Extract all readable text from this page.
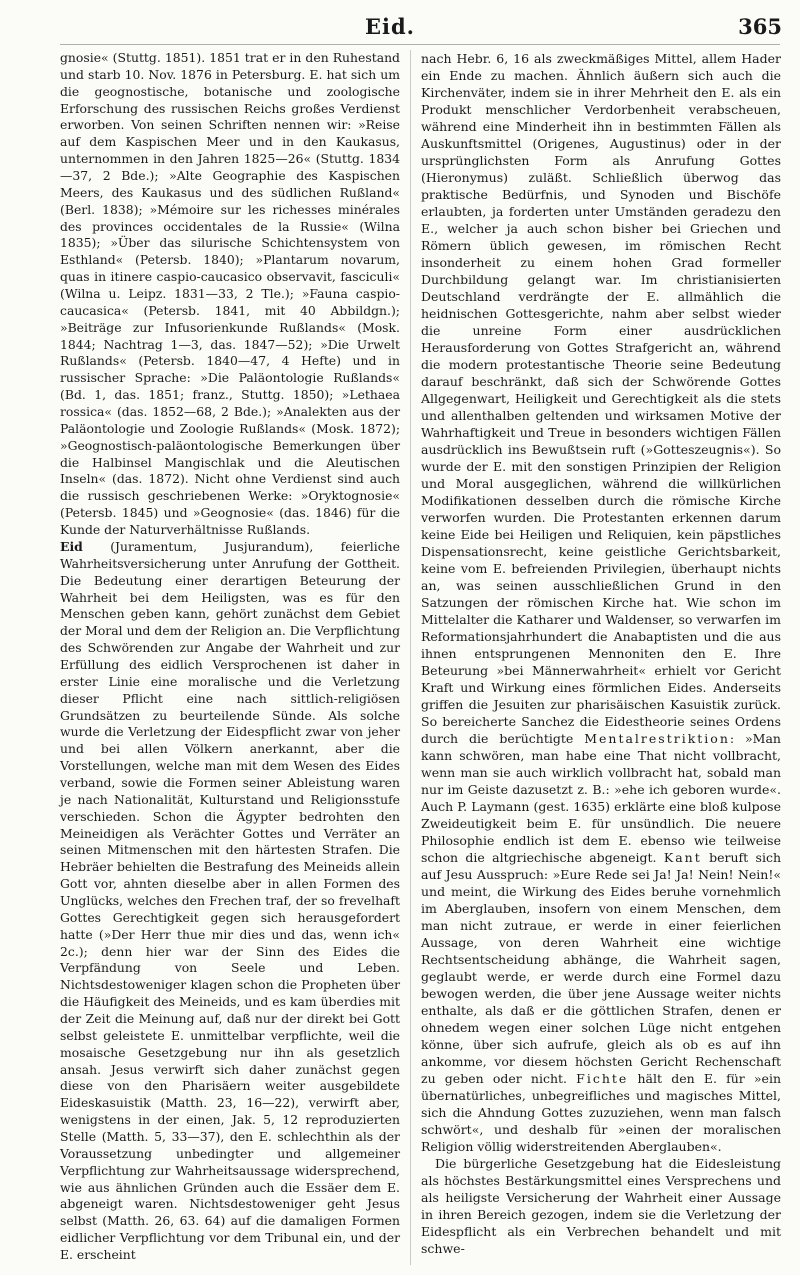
Eid.	365

gnosie« (Stuttg. 1851). 1851 trat er in den Ruhestand und starb 10. Nov. 1876 in Petersburg. E. hat sich um die geognostische, botanische und zoologische Erforschung des russischen Reichs großes Verdienst erworben. Von seinen Schriften nennen wir: »Reise auf dem Kaspischen Meer und in den Kaukasus, unternommen in den Jahren 1825—26« (Stuttg. 1834—37, 2 Bde.); »Alte Geographie des Kaspischen Meers, des Kaukasus und des südlichen Rußland« (Berl. 1838); »Mémoire sur les richesses minérales des provinces occidentales de la Russie« (Wilna 1835); »Über das silurische Schichtensystem von Esthland« (Petersb. 1840); »Plantarum novarum, quas in itinere caspio-caucasico observavit, fasciculi« (Wilna u. Leipz. 1831—33, 2 Tle.); »Fauna caspio-caucasica« (Petersb. 1841, mit 40 Abbildgn.); »Beiträge zur Infusorienkunde Rußlands« (Mosk. 1844; Nachtrag 1—3, das. 1847—52); »Die Urwelt Rußlands« (Petersb. 1840—47, 4 Hefte) und in russischer Sprache: »Die Paläontologie Rußlands« (Bd. 1, das. 1851; franz., Stuttg. 1850); »Lethaea rossica« (das. 1852—68, 2 Bde.); »Analekten aus der Paläontologie und Zoologie Rußlands« (Mosk. 1872); »Geognostisch-paläontologische Bemerkungen über die Halbinsel Mangischlak und die Aleutischen Inseln« (das. 1872). Nicht ohne Verdienst sind auch die russisch geschriebenen Werke: »Oryktognosie« (Petersb. 1845) und »Geognosie« (das. 1846) für die Kunde der Naturverhältnisse Rußlands.

Eid (Juramentum, Jusjurandum), feierliche Wahrheitsversicherung unter Anrufung der Gottheit. Die Bedeutung einer derartigen Beteurung der Wahrheit bei dem Heiligsten, was es für den Menschen geben kann, gehört zunächst dem Gebiet der Moral und dem der Religion an. Die Verpflichtung des Schwörenden zur Angabe der Wahrheit und zur Erfüllung des eidlich Versprochenen ist daher in erster Linie eine moralische und die Verletzung dieser Pflicht eine nach sittlich-religiösen Grundsätzen zu beurteilende Sünde. Als solche wurde die Verletzung der Eidespflicht zwar von jeher und bei allen Völkern anerkannt, aber die Vorstellungen, welche man mit dem Wesen des Eides verband, sowie die Formen seiner Ableistung waren je nach Nationalität, Kulturstand und Religionsstufe verschieden. Schon die Ägypter bedrohten den Meineidigen als Verächter Gottes und Verräter an seinen Mitmenschen mit den härtesten Strafen. Die Hebräer behielten die Bestrafung des Meineids allein Gott vor, ahnten dieselbe aber in allen Formen des Unglücks, welches den Frechen traf, der so frevelhaft Gottes Gerechtigkeit gegen sich herausgefordert hatte (»Der Herr thue mir dies und das, wenn ich« 2c.); denn hier war der Sinn des Eides die Verpfändung von Seele und Leben. Nichtsdestoweniger klagen schon die Propheten über die Häufigkeit des Meineids, und es kam überdies mit der Zeit die Meinung auf, daß nur der direkt bei Gott selbst geleistete E. unmittelbar verpflichte, weil die mosaische Gesetzgebung nur ihn als gesetzlich ansah. Jesus verwirft sich daher zunächst gegen diese von den Pharisäern weiter ausgebildete Eideskasuistik (Matth. 23, 16—22), verwirft aber, wenigstens in der einen, Jak. 5, 12 reproduzierten Stelle (Matth. 5, 33—37), den E. schlechthin als der Voraussetzung unbedingter und allgemeiner Verpflichtung zur Wahrheitsaussage widersprechend, wie aus ähnlichen Gründen auch die Essäer dem E. abgeneigt waren. Nichtsdestoweniger geht Jesus selbst (Matth. 26, 63. 64) auf die damaligen Formen eidlicher Verpflichtung vor dem Tribunal ein, und der E. erscheint

nach Hebr. 6, 16 als zweckmäßiges Mittel, allem Hader ein Ende zu machen. Ähnlich äußern sich auch die Kirchenväter, indem sie in ihrer Mehrheit den E. als ein Produkt menschlicher Verdorbenheit verabscheuen, während eine Minderheit ihn in bestimmten Fällen als Auskunftsmittel (Origenes, Augustinus) oder in der ursprünglichsten Form als Anrufung Gottes (Hieronymus) zuläßt. Schließlich überwog das praktische Bedürfnis, und Synoden und Bischöfe erlaubten, ja forderten unter Umständen geradezu den E., welcher ja auch schon bisher bei Griechen und Römern üblich gewesen, im römischen Recht insonderheit zu einem hohen Grad formeller Durchbildung gelangt war. Im christianisierten Deutschland verdrängte der E. allmählich die heidnischen Gottesgerichte, nahm aber selbst wieder die unreine Form einer ausdrücklichen Herausforderung von Gottes Strafgericht an, während die modern protestantische Theorie seine Bedeutung darauf beschränkt, daß sich der Schwörende Gottes Allgegenwart, Heiligkeit und Gerechtigkeit als die stets und allenthalben geltenden und wirksamen Motive der Wahrhaftigkeit und Treue in besonders wichtigen Fällen ausdrücklich ins Bewußtsein ruft (»Gotteszeugnis«). So wurde der E. mit den sonstigen Prinzipien der Religion und Moral ausgeglichen, während die willkürlichen Modifikationen desselben durch die römische Kirche verworfen wurden. Die Protestanten erkennen darum keine Eide bei Heiligen und Reliquien, kein päpstliches Dispensationsrecht, keine geistliche Gerichtsbarkeit, keine vom E. befreienden Privilegien, überhaupt nichts an, was seinen ausschließlichen Grund in den Satzungen der römischen Kirche hat. Wie schon im Mittelalter die Katharer und Waldenser, so verwarfen im Reformationsjahrhundert die Anabaptisten und die aus ihnen entsprungenen Mennoniten den E. Ihre Beteurung »bei Männerwahrheit« erhielt vor Gericht Kraft und Wirkung eines förmlichen Eides. Anderseits griffen die Jesuiten zur pharisäischen Kasuistik zurück. So bereicherte Sanchez die Eidestheorie seines Ordens durch die berüchtigte Mentalrestriktion: »Man kann schwören, man habe eine That nicht vollbracht, wenn man sie auch wirklich vollbracht hat, sobald man nur im Geiste dazusetzt z. B.: »ehe ich geboren wurde«. Auch P. Laymann (gest. 1635) erklärte eine bloß kulpose Zweideutigkeit beim E. für unsündlich. Die neuere Philosophie endlich ist dem E. ebenso wie teilweise schon die altgriechische abgeneigt. Kant beruft sich auf Jesu Ausspruch: »Eure Rede sei Ja! Ja! Nein! Nein!« und meint, die Wirkung des Eides beruhe vornehmlich im Aberglauben, insofern von einem Menschen, dem man nicht zutraue, er werde in einer feierlichen Aussage, von deren Wahrheit eine wichtige Rechtsentscheidung abhänge, die Wahrheit sagen, geglaubt werde, er werde durch eine Formel dazu bewogen werden, die über jene Aussage weiter nichts enthalte, als daß er die göttlichen Strafen, denen er ohnedem wegen einer solchen Lüge nicht entgehen könne, über sich aufrufe, gleich als ob es auf ihn ankomme, vor diesem höchsten Gericht Rechenschaft zu geben oder nicht. Fichte hält den E. für »ein übernatürliches, unbegreifliches und magisches Mittel, sich die Ahndung Gottes zuzuziehen, wenn man falsch schwört«, und deshalb für »einen der moralischen Religion völlig widerstreitenden Aberglauben«.

Die bürgerliche Gesetzgebung hat die Eidesleistung als höchstes Bestärkungsmittel eines Versprechens und als heiligste Versicherung der Wahrheit einer Aussage in ihren Bereich gezogen, indem sie die Verletzung der Eidespflicht als ein Verbrechen behandelt und mit schwe-
